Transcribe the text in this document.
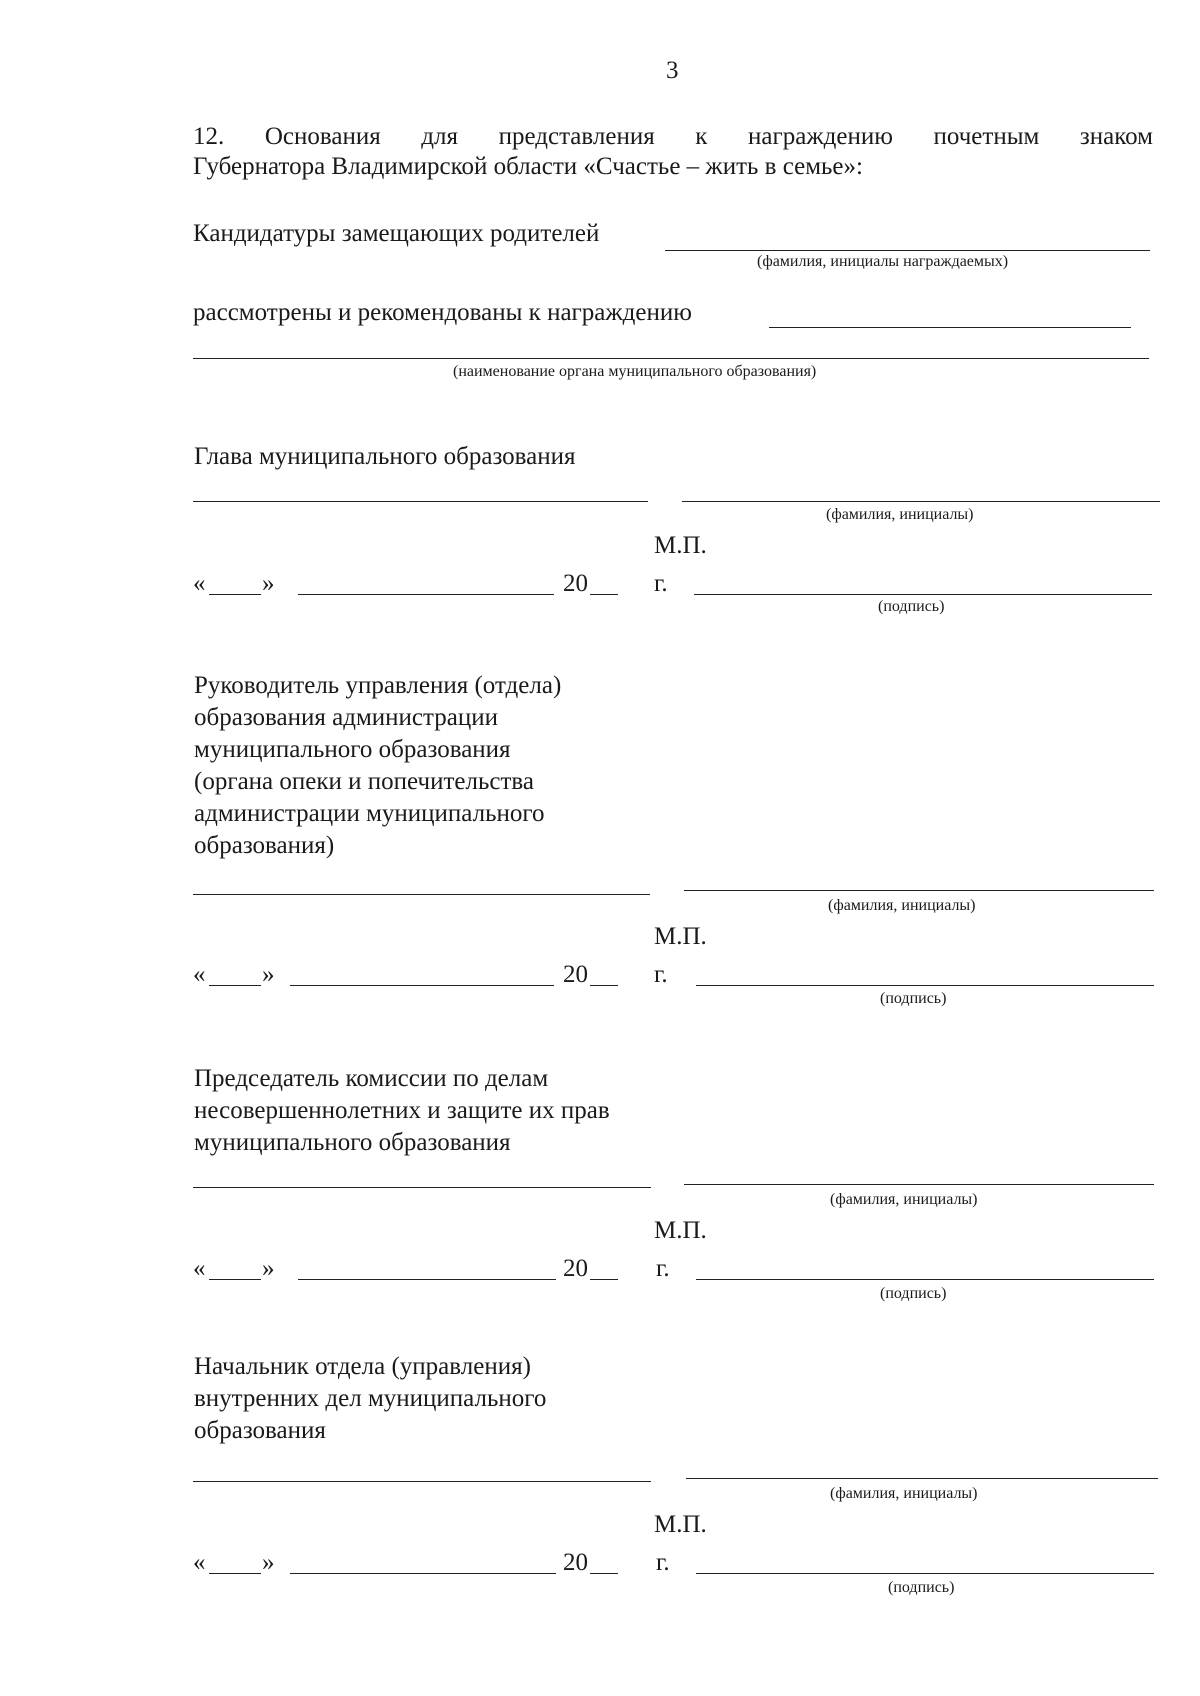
3
12. Основания для представления к награждению почетным знаком
Губернатора Владимирской области «Счастье – жить в семье»:
Кандидатуры замещающих родителей
(фамилия, инициалы награждаемых)
рассмотрены и рекомендованы к награждению
(наименование органа муниципального образования)
Глава муниципального образования
(фамилия, инициалы)
М.П.
« »	20	г.
(подпись)
Руководитель управления (отдела)
образования администрации
муниципального образования
(органа опеки и попечительства
администрации муниципального
образования)
(фамилия, инициалы)
М.П.
« »	20	г.
(подпись)
Председатель комиссии по делам
несовершеннолетних и защите их прав
муниципального образования
(фамилия, инициалы)
М.П.
« »	20	г.
(подпись)
Начальник отдела (управления)
внутренних дел муниципального
образования
(фамилия, инициалы)
М.П.
« »	20	г.
(подпись)
